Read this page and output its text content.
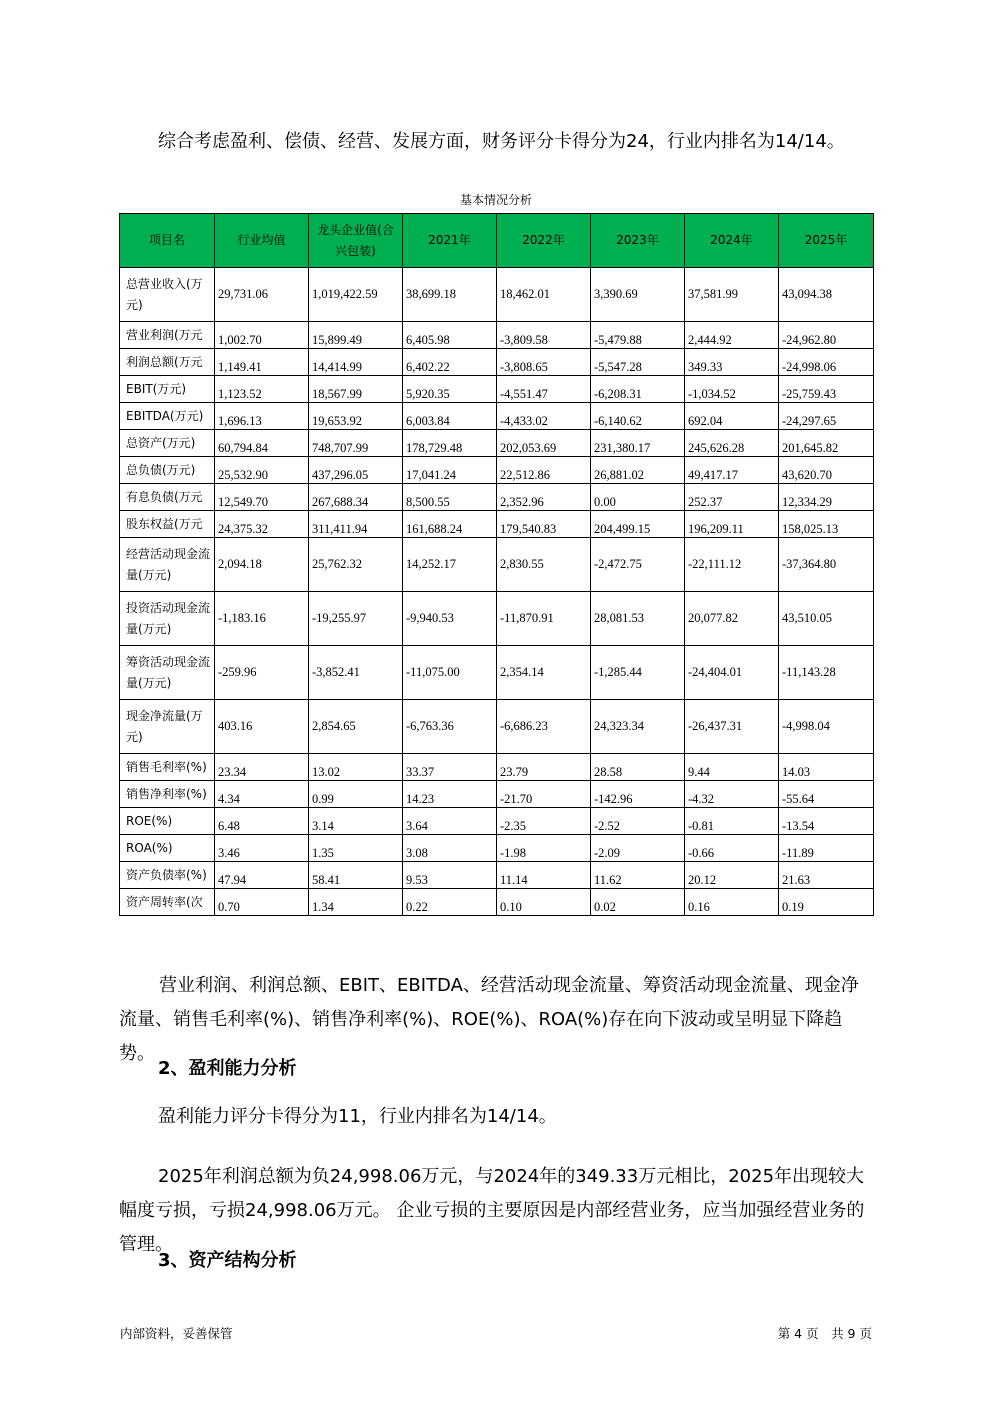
综合考虑盈利、偿债、经营、发展方面，财务评分卡得分为24，行业内排名为14/14。

基本情况分析
项目名	行业均值	龙头企业值(合兴包装)	2021年	2022年	2023年	2024年	2025年
总营业收入(万元)	29,731.06	1,019,422.59	38,699.18	18,462.01	3,390.69	37,581.99	43,094.38
营业利润(万元	1,002.70	15,899.49	6,405.98	-3,809.58	-5,479.88	2,444.92	-24,962.80
利润总额(万元	1,149.41	14,414.99	6,402.22	-3,808.65	-5,547.28	349.33	-24,998.06
EBIT(万元)	1,123.52	18,567.99	5,920.35	-4,551.47	-6,208.31	-1,034.52	-25,759.43
EBITDA(万元)	1,696.13	19,653.92	6,003.84	-4,433.02	-6,140.62	692.04	-24,297.65
总资产(万元)	60,794.84	748,707.99	178,729.48	202,053.69	231,380.17	245,626.28	201,645.82
总负债(万元)	25,532.90	437,296.05	17,041.24	22,512.86	26,881.02	49,417.17	43,620.70
有息负债(万元	12,549.70	267,688.34	8,500.55	2,352.96	0.00	252.37	12,334.29
股东权益(万元	24,375.32	311,411.94	161,688.24	179,540.83	204,499.15	196,209.11	158,025.13
经营活动现金流量(万元)	2,094.18	25,762.32	14,252.17	2,830.55	-2,472.75	-22,111.12	-37,364.80
投资活动现金流量(万元)	-1,183.16	-19,255.97	-9,940.53	-11,870.91	28,081.53	20,077.82	43,510.05
筹资活动现金流量(万元)	-259.96	-3,852.41	-11,075.00	2,354.14	-1,285.44	-24,404.01	-11,143.28
现金净流量(万元)	403.16	2,854.65	-6,763.36	-6,686.23	24,323.34	-26,437.31	-4,998.04
销售毛利率(%)	23.34	13.02	33.37	23.79	28.58	9.44	14.03
销售净利率(%)	4.34	0.99	14.23	-21.70	-142.96	-4.32	-55.64
ROE(%)	6.48	3.14	3.64	-2.35	-2.52	-0.81	-13.54
ROA(%)	3.46	1.35	3.08	-1.98	-2.09	-0.66	-11.89
资产负债率(%)	47.94	58.41	9.53	11.14	11.62	20.12	21.63
资产周转率(次	0.70	1.34	0.22	0.10	0.02	0.16	0.19

营业利润、利润总额、EBIT、EBITDA、经营活动现金流量、筹资活动现金流量、现金净流量、销售毛利率(%)、销售净利率(%)、ROE(%)、ROA(%)存在向下波动或呈明显下降趋势。

2、盈利能力分析

盈利能力评分卡得分为11，行业内排名为14/14。

2025年利润总额为负24,998.06万元，与2024年的349.33万元相比，2025年出现较大幅度亏损，亏损24,998.06万元。 企业亏损的主要原因是内部经营业务，应当加强经营业务的管理。

3、资产结构分析

内部资料，妥善保管	第 4 页　共 9 页
